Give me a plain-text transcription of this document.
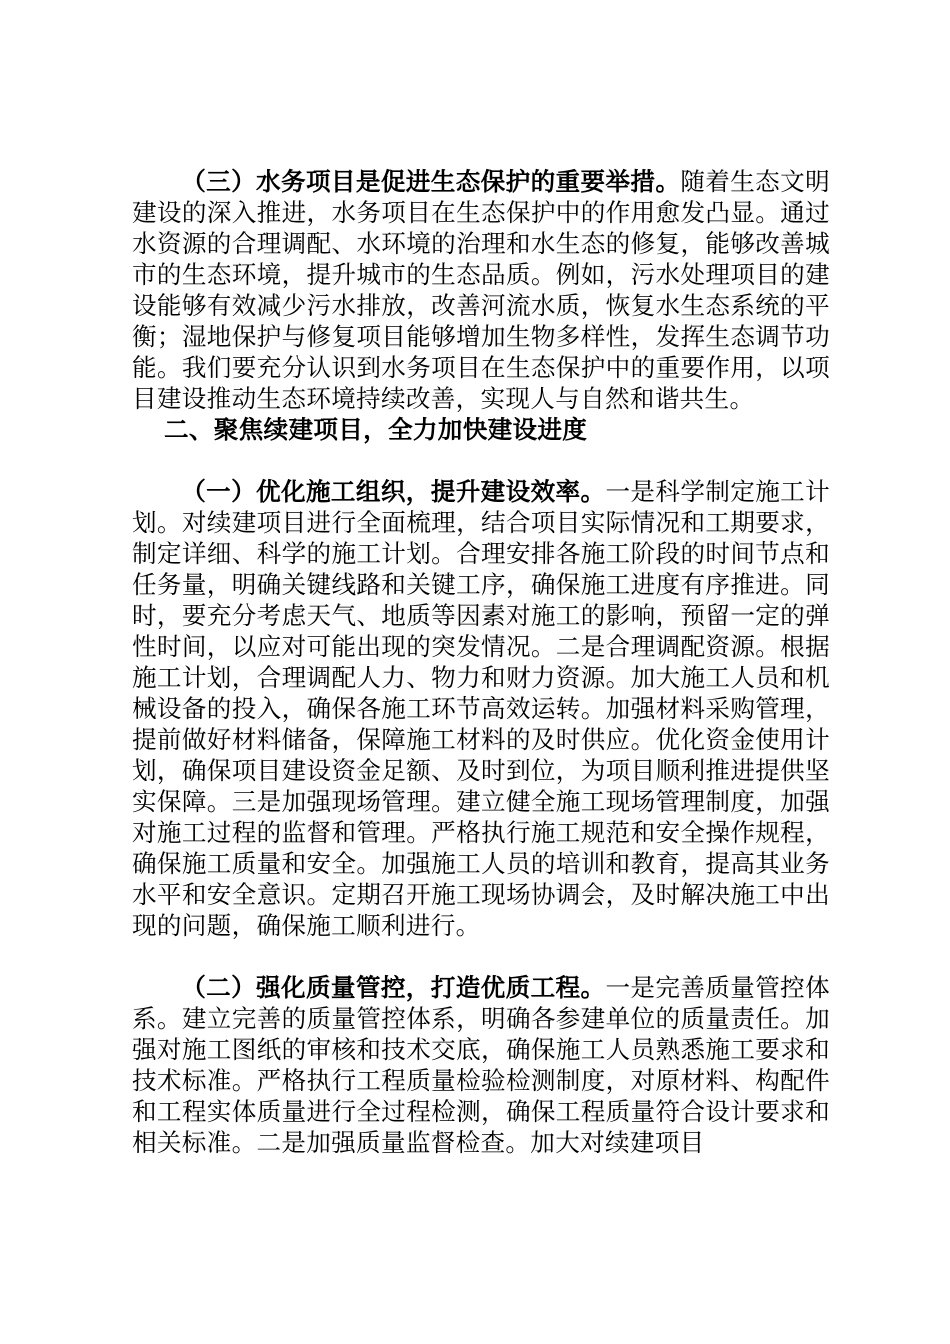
（三）水务项目是促进生态保护的重要举措。随着生态文明建设的深入推进，水务项目在生态保护中的作用愈发凸显。通过水资源的合理调配、水环境的治理和水生态的修复，能够改善城市的生态环境，提升城市的生态品质。例如，污水处理项目的建设能够有效减少污水排放，改善河流水质，恢复水生态系统的平衡；湿地保护与修复项目能够增加生物多样性，发挥生态调节功能。我们要充分认识到水务项目在生态保护中的重要作用，以项目建设推动生态环境持续改善，实现人与自然和谐共生。

二、聚焦续建项目，全力加快建设进度

（一）优化施工组织，提升建设效率。一是科学制定施工计划。对续建项目进行全面梳理，结合项目实际情况和工期要求，制定详细、科学的施工计划。合理安排各施工阶段的时间节点和任务量，明确关键线路和关键工序，确保施工进度有序推进。同时，要充分考虑天气、地质等因素对施工的影响，预留一定的弹性时间，以应对可能出现的突发情况。二是合理调配资源。根据施工计划，合理调配人力、物力和财力资源。加大施工人员和机械设备的投入，确保各施工环节高效运转。加强材料采购管理，提前做好材料储备，保障施工材料的及时供应。优化资金使用计划，确保项目建设资金足额、及时到位，为项目顺利推进提供坚实保障。三是加强现场管理。建立健全施工现场管理制度，加强对施工过程的监督和管理。严格执行施工规范和安全操作规程，确保施工质量和安全。加强施工人员的培训和教育，提高其业务水平和安全意识。定期召开施工现场协调会，及时解决施工中出现的问题，确保施工顺利进行。

（二）强化质量管控，打造优质工程。一是完善质量管控体系。建立完善的质量管控体系，明确各参建单位的质量责任。加强对施工图纸的审核和技术交底，确保施工人员熟悉施工要求和技术标准。严格执行工程质量检验检测制度，对原材料、构配件和工程实体质量进行全过程检测，确保工程质量符合设计要求和相关标准。二是加强质量监督检查。加大对续建项目
